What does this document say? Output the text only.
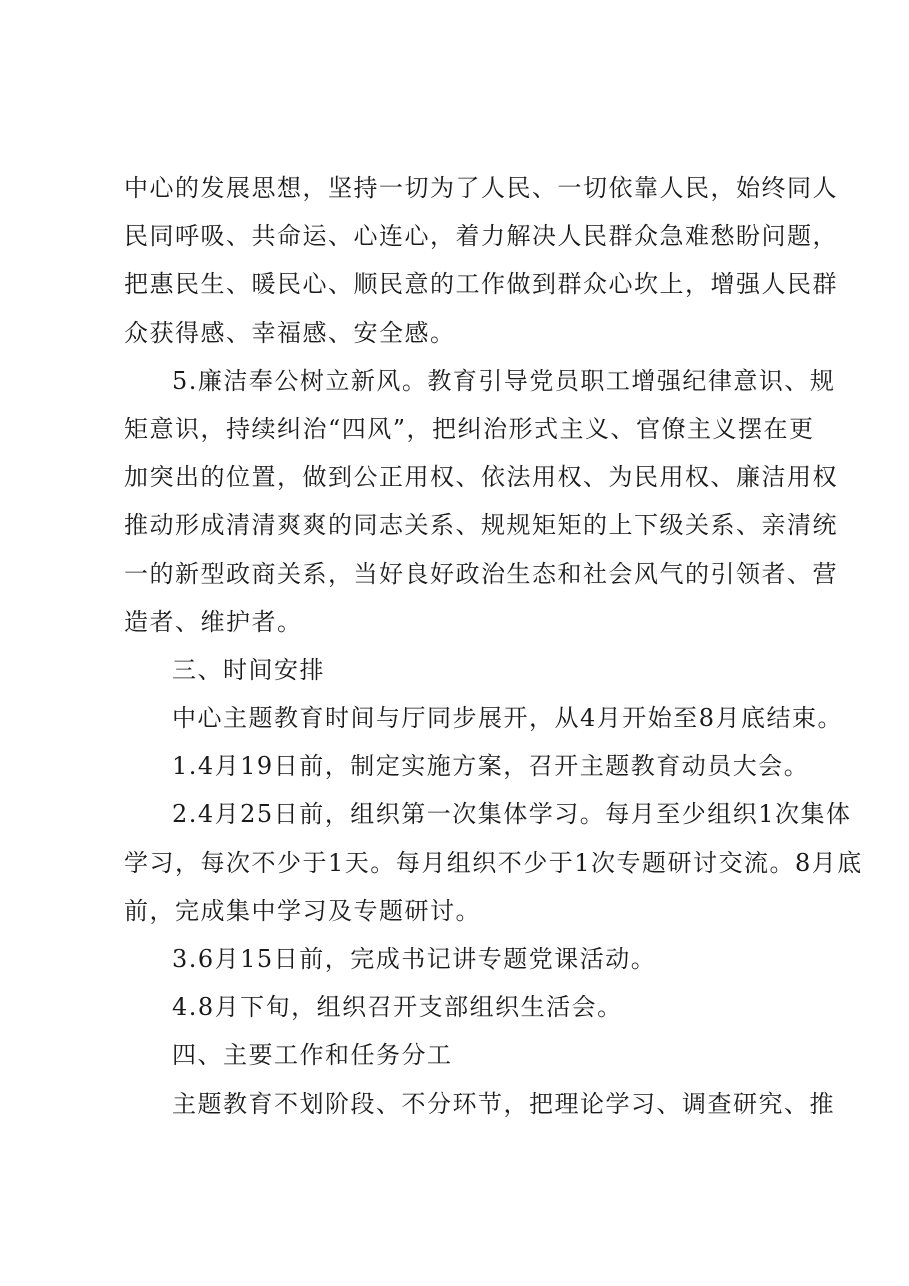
中心的发展思想，坚持一切为了人民、一切依靠人民，始终同人
民同呼吸、共命运、心连心，着力解决人民群众急难愁盼问题，
把惠民生、暖民心、顺民意的工作做到群众心坎上，增强人民群
众获得感、幸福感、安全感。
5.廉洁奉公树立新风。教育引导党员职工增强纪律意识、规
矩意识，持续纠治“四风”，把纠治形式主义、官僚主义摆在更
加突出的位置，做到公正用权、依法用权、为民用权、廉洁用权
推动形成清清爽爽的同志关系、规规矩矩的上下级关系、亲清统
一的新型政商关系，当好良好政治生态和社会风气的引领者、营
造者、维护者。
三、时间安排
中心主题教育时间与厅同步展开，从4月开始至8月底结束。
1.4月19日前，制定实施方案，召开主题教育动员大会。
2.4月25日前，组织第一次集体学习。每月至少组织1次集体
学习，每次不少于1天。每月组织不少于1次专题研讨交流。8月底
前，完成集中学习及专题研讨。
3.6月15日前，完成书记讲专题党课活动。
4.8月下旬，组织召开支部组织生活会。
四、主要工作和任务分工
主题教育不划阶段、不分环节，把理论学习、调查研究、推
